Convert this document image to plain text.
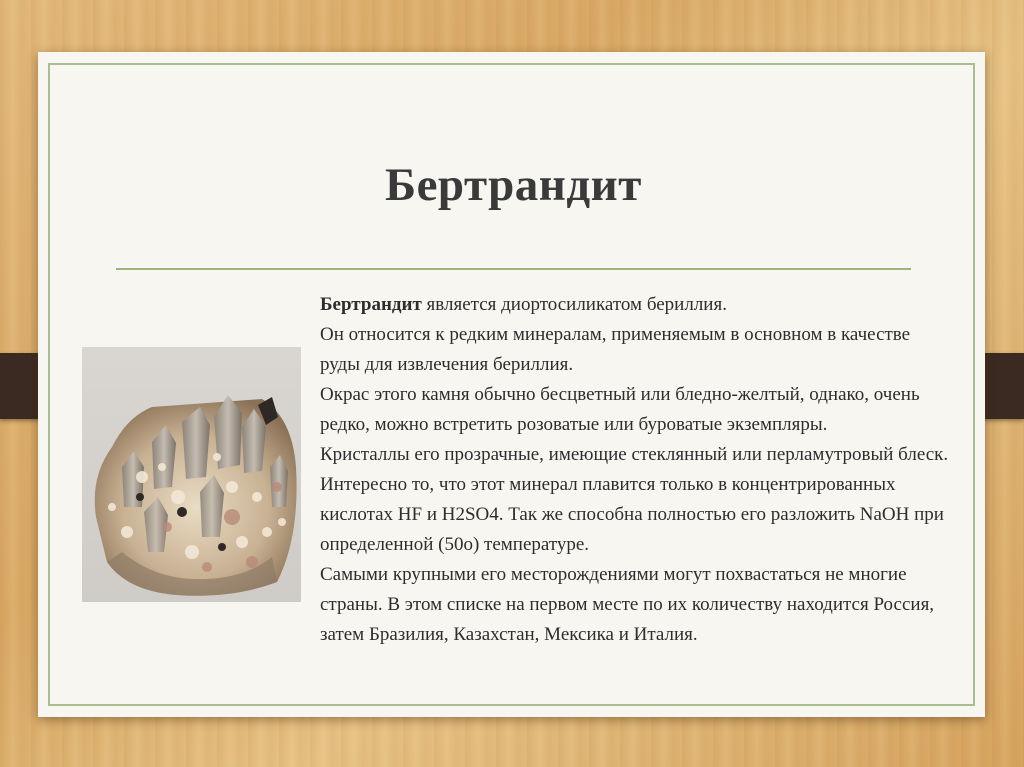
Бертрандит
Бертрандит является диортосиликатом бериллия.
Он относится к редким минералам, применяемым в основном в качестве
руды для извлечения бериллия.
Окрас этого камня обычно бесцветный или бледно-желтый, однако, очень
редко, можно встретить розоватые или буроватые экземпляры.
Кристаллы его прозрачные, имеющие стеклянный или перламутровый блеск.
Интересно то, что этот минерал плавится только в концентрированных
кислотах HF и H2SO4. Так же способна полностью его разложить NaOH при
определенной (50о) температуре.
Самыми крупными его месторождениями могут похвастаться не многие
страны. В этом списке на первом месте по их количеству находится Россия,
затем Бразилия, Казахстан, Мексика и Италия.
